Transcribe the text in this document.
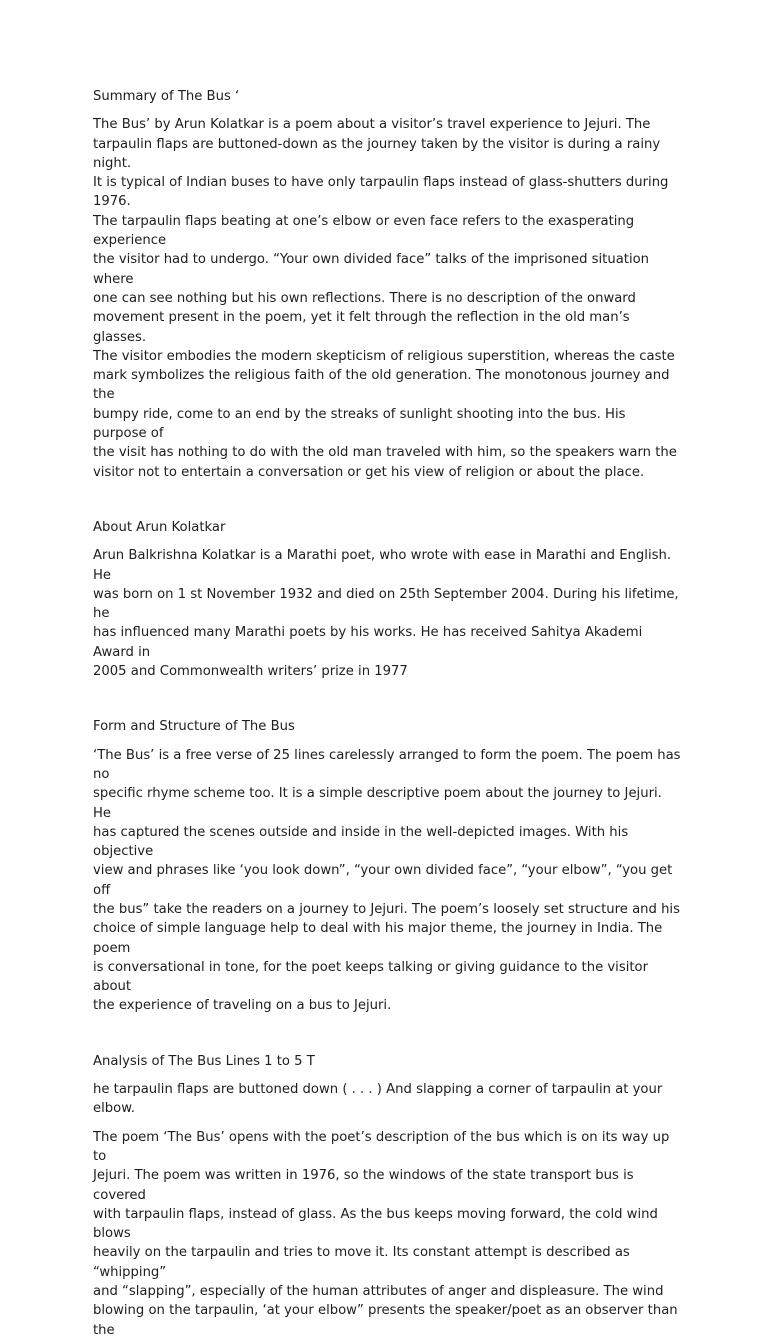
Summary of The Bus ‘

The Bus’ by Arun Kolatkar is a poem about a visitor’s travel experience to Jejuri. The
tarpaulin flaps are buttoned-down as the journey taken by the visitor is during a rainy night.
It is typical of Indian buses to have only tarpaulin flaps instead of glass-shutters during 1976.
The tarpaulin flaps beating at one’s elbow or even face refers to the exasperating experience
the visitor had to undergo. “Your own divided face” talks of the imprisoned situation where
one can see nothing but his own reflections. There is no description of the onward
movement present in the poem, yet it felt through the reflection in the old man’s glasses.
The visitor embodies the modern skepticism of religious superstition, whereas the caste
mark symbolizes the religious faith of the old generation. The monotonous journey and the
bumpy ride, come to an end by the streaks of sunlight shooting into the bus. His purpose of
the visit has nothing to do with the old man traveled with him, so the speakers warn the
visitor not to entertain a conversation or get his view of religion or about the place.

About Arun Kolatkar

Arun Balkrishna Kolatkar is a Marathi poet, who wrote with ease in Marathi and English. He
was born on 1 st November 1932 and died on 25th September 2004. During his lifetime, he
has influenced many Marathi poets by his works. He has received Sahitya Akademi Award in
2005 and Commonwealth writers’ prize in 1977

Form and Structure of The Bus

‘The Bus’ is a free verse of 25 lines carelessly arranged to form the poem. The poem has no
specific rhyme scheme too. It is a simple descriptive poem about the journey to Jejuri. He
has captured the scenes outside and inside in the well-depicted images. With his objective
view and phrases like ‘you look down”, “your own divided face”, “your elbow”, “you get off
the bus” take the readers on a journey to Jejuri. The poem’s loosely set structure and his
choice of simple language help to deal with his major theme, the journey in India. The poem
is conversational in tone, for the poet keeps talking or giving guidance to the visitor about
the experience of traveling on a bus to Jejuri.

Analysis of The Bus Lines 1 to 5 T

he tarpaulin flaps are buttoned down ( . . . ) And slapping a corner of tarpaulin at your elbow.

The poem ‘The Bus’ opens with the poet’s description of the bus which is on its way up to
Jejuri. The poem was written in 1976, so the windows of the state transport bus is covered
with tarpaulin flaps, instead of glass. As the bus keeps moving forward, the cold wind blows
heavily on the tarpaulin and tries to move it. Its constant attempt is described as “whipping”
and “slapping”, especially of the human attributes of anger and displeasure. The wind
blowing on the tarpaulin, ‘at your elbow” presents the speaker/poet as an observer than the
